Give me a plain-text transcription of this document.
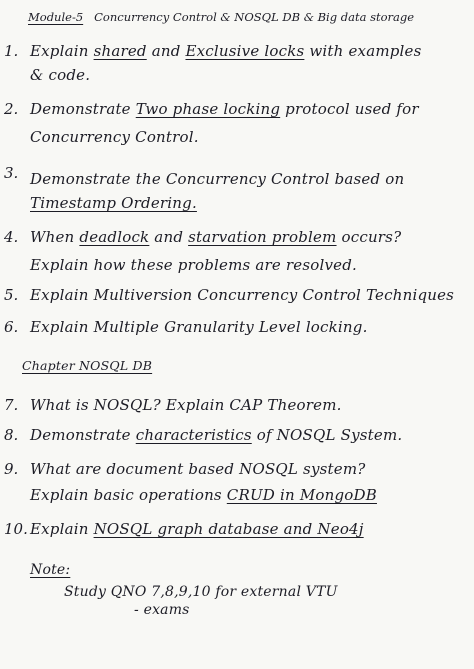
Module-5 Concurrency Control & NOSQL DB & Big data storage
1. Explain shared and Exclusive locks with examples
& code.
2. Demonstrate Two phase locking protocol used for
Concurrency Control.
3. Demonstrate the Concurrency Control based on
Timestamp Ordering.
4. When deadlock and starvation problem occurs?
Explain how these problems are resolved.
5. Explain Multiversion Concurrency Control Techniques
6. Explain Multiple Granularity Level locking.
Chapter NOSQL DB
7. What is NOSQL? Explain CAP Theorem.
8. Demonstrate characteristics of NOSQL System.
9. What are document based NOSQL system?
Explain basic operations CRUD in MongoDB
10. Explain NOSQL graph database and Neo4j
Note:
Study QNO 7,8,9,10 for external VTU
- exams
